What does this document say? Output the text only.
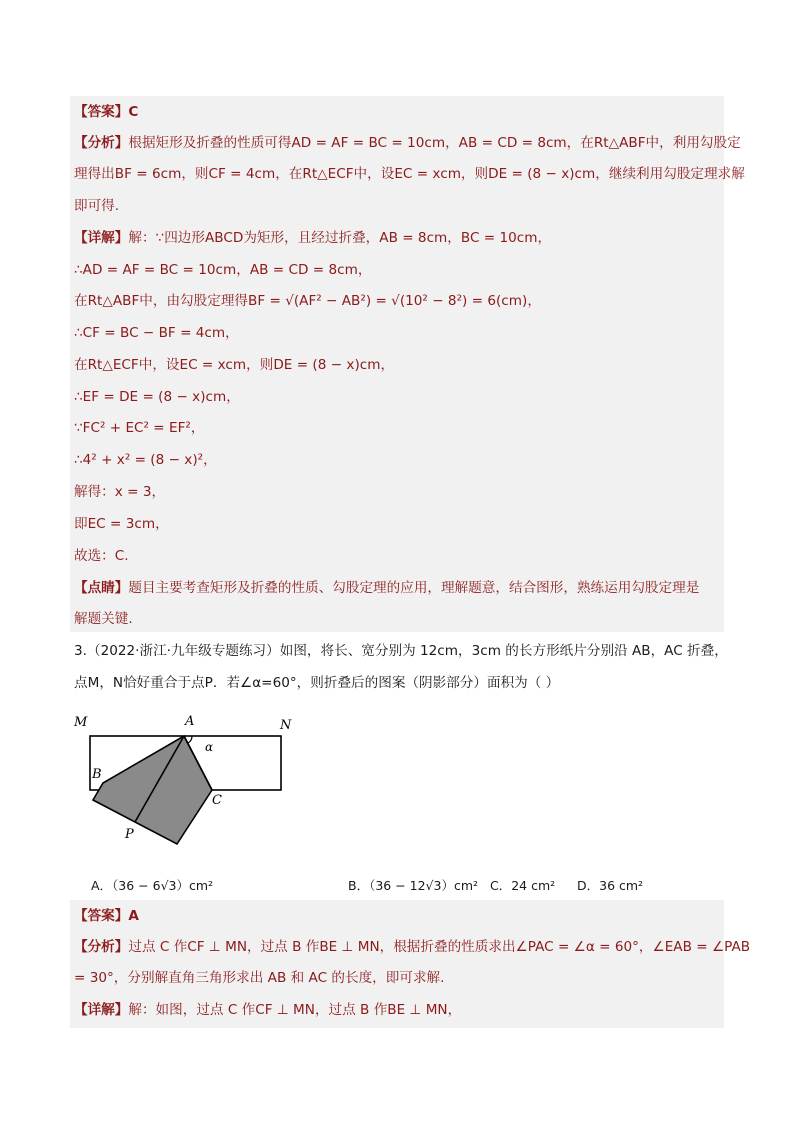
【答案】C
【分析】根据矩形及折叠的性质可得AD = AF = BC = 10cm，AB = CD = 8cm，在Rt△ABF中，利用勾股定
理得出BF = 6cm，则CF = 4cm，在Rt△ECF中，设EC = xcm，则DE = (8 − x)cm，继续利用勾股定理求解
即可得.
【详解】解：∵四边形ABCD为矩形，且经过折叠，AB = 8cm，BC = 10cm，
∴AD = AF = BC = 10cm，AB = CD = 8cm，
在Rt△ABF中，由勾股定理得BF = √(AF² − AB²) = √(10² − 8²) = 6(cm)，
∴CF = BC − BF = 4cm，
在Rt△ECF中，设EC = xcm，则DE = (8 − x)cm，
∴EF = DE = (8 − x)cm，
∵FC² + EC² = EF²，
∴4² + x² = (8 − x)²，
解得：x = 3，
即EC = 3cm，
故选：C.
【点睛】题目主要考查矩形及折叠的性质、勾股定理的应用，理解题意，结合图形，熟练运用勾股定理是
解题关键.
3.（2022·浙江·九年级专题练习）如图，将长、宽分别为 12cm，3cm 的长方形纸片分别沿 AB，AC 折叠，
点M，N恰好重合于点P．若∠α=60°，则折叠后的图案（阴影部分）面积为（ ）
M	A	N
α
B
C
P
A．（36 − 6√3）cm²	B．（36 − 12√3）cm² C．24 cm² D．36 cm²
【答案】A
【分析】过点 C 作CF ⊥ MN，过点 B 作BE ⊥ MN，根据折叠的性质求出∠PAC = ∠α = 60°，∠EAB = ∠PAB
= 30°，分别解直角三角形求出 AB 和 AC 的长度，即可求解.
【详解】解：如图，过点 C 作CF ⊥ MN，过点 B 作BE ⊥ MN，
